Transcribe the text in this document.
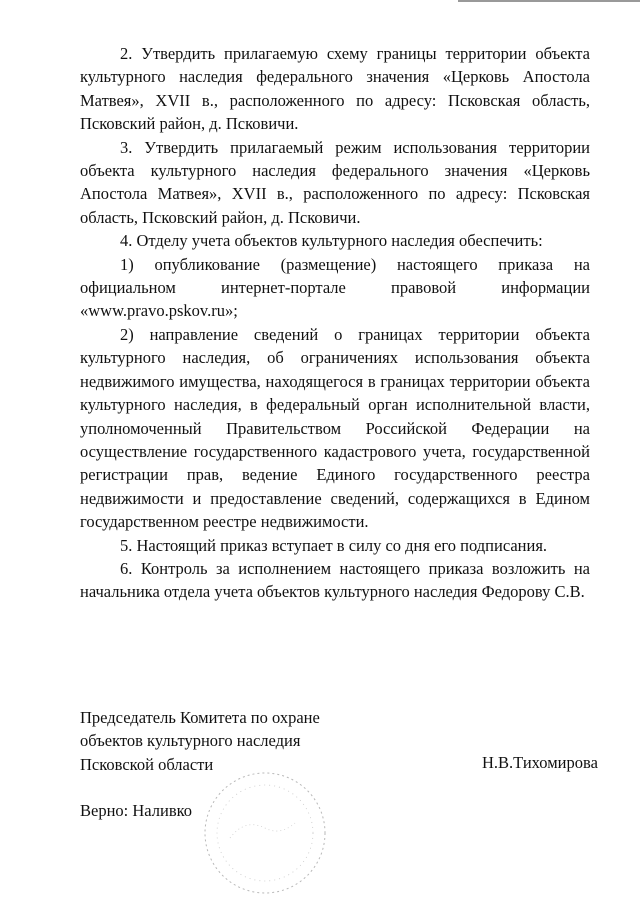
2. Утвердить прилагаемую схему границы территории объекта культурного наследия федерального значения «Церковь Апостола Матвея», XVII в., расположенного по адресу: Псковская область, Псковский район, д. Псковичи.

3. Утвердить прилагаемый режим использования территории объекта культурного наследия федерального значения «Церковь Апостола Матвея», XVII в., расположенного по адресу: Псковская область, Псковский район, д. Псковичи.

4. Отделу учета объектов культурного наследия обеспечить:

1) опубликование (размещение) настоящего приказа на официальном интернет-портале правовой информации «www.pravo.pskov.ru»;

2) направление сведений о границах территории объекта культурного наследия, об ограничениях использования объекта недвижимого имущества, находящегося в границах территории объекта культурного наследия, в федеральный орган исполнительной власти, уполномоченный Правительством Российской Федерации на осуществление государственного кадастрового учета, государственной регистрации прав, ведение Единого государственного реестра недвижимости и предоставление сведений, содержащихся в Едином государственном реестре недвижимости.

5. Настоящий приказ вступает в силу со дня его подписания.

6. Контроль за исполнением настоящего приказа возложить на начальника отдела учета объектов культурного наследия Федорову С.В.

Председатель Комитета по охране
объектов культурного наследия
Псковской области	Н.В.Тихомирова
Верно: Наливко
